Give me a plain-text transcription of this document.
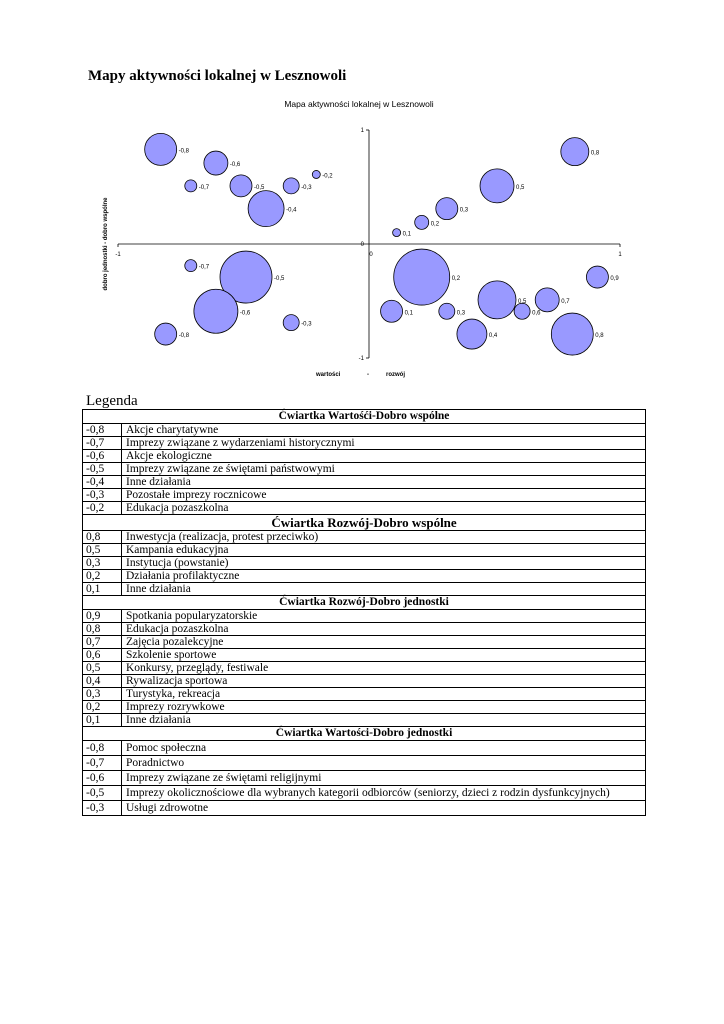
Mapy aktywności lokalnej w Lesznowoli
Mapa aktywności lokalnej w Lesznowoli
1
0
-1
-1	0	1
-0,8
-0,6
-0,7	-0,5	-0,3
-0,2
-0,4
0,8
0,5
0,3
0,2
0,1
-0,7
-0,5
-0,6
-0,3
-0,8
0,2	0,9
0,5	0,7
0,6
0,1	0,3
0,4	0,8
dobro jednostki - dobro wspólne
wartości	-	rozwój
Legenda
Ćwiartka Wartośći-Dobro wspólne	
-0,8	Akcje charytatywne
-0,7	Imprezy związane z wydarzeniami historycznymi
-0,6	Akcje ekologiczne
-0,5	Imprezy związane ze świętami państwowymi
-0,4	Inne działania
-0,3	Pozostałe imprezy rocznicowe
-0,2	Edukacja pozaszkolna
Ćwiartka Rozwój-Dobro wspólne	
0,8	Inwestycja (realizacja, protest przeciwko)
0,5	Kampania edukacyjna
0,3	Instytucja (powstanie)
0,2	Działania profilaktyczne
0,1	Inne działania
Ćwiartka Rozwój-Dobro jednostki	
0,9	Spotkania popularyzatorskie
0,8	Edukacja pozaszkolna
0,7	Zajęcia pozalekcyjne
0,6	Szkolenie sportowe
0,5	Konkursy, przeglądy, festiwale
0,4	Rywalizacja sportowa
0,3	Turystyka, rekreacja
0,2	Imprezy rozrywkowe
0,1	Inne działania
Ćwiartka Wartości-Dobro jednostki	
-0,8	Pomoc społeczna
-0,7	Poradnictwo
-0,6	Imprezy związane ze świętami religijnymi
-0,5	Imprezy okolicznościowe dla wybranych kategorii odbiorców (seniorzy, dzieci z rodzin dysfunkcyjnych)
-0,3	Usługi zdrowotne
